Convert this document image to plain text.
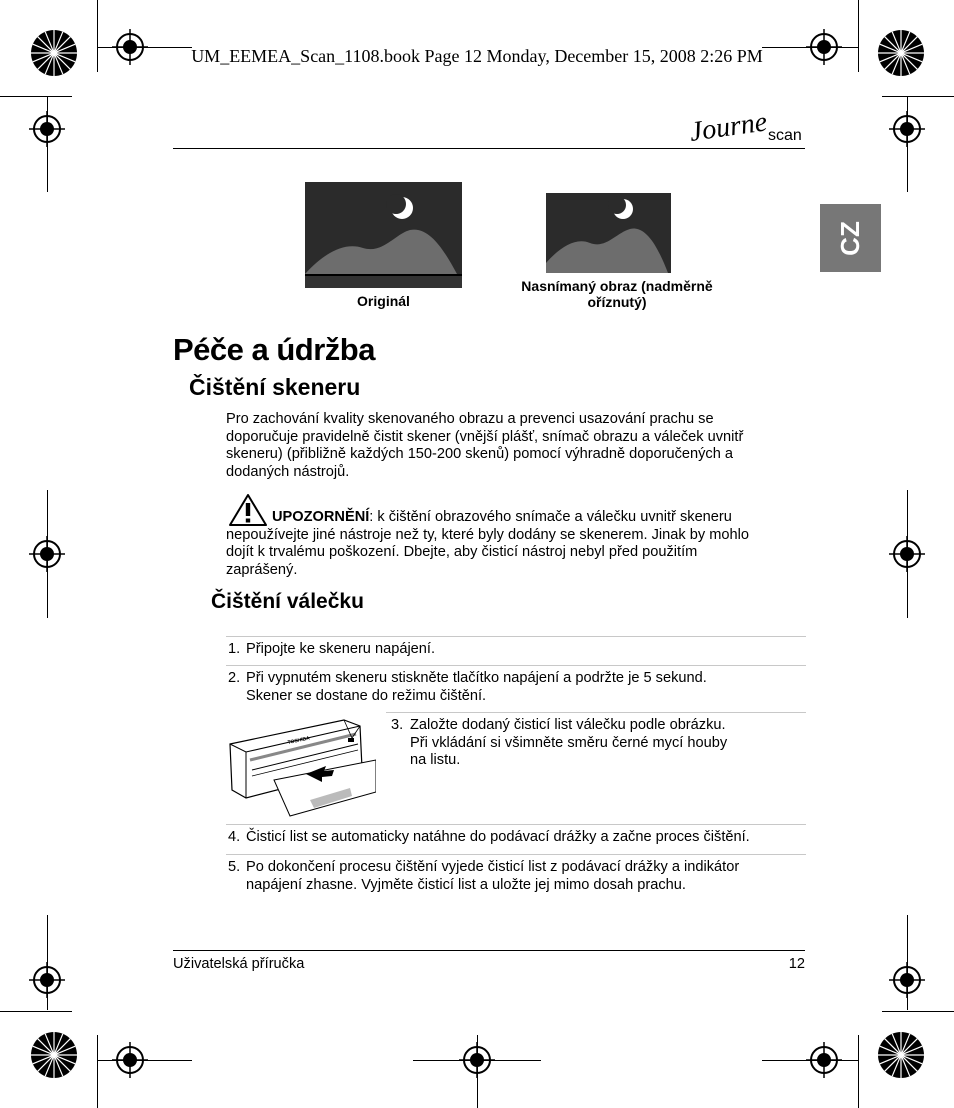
UM_EEMEA_Scan_1108.book Page 12 Monday, December 15, 2008 2:26 PM
Journe
scan
CZ
Originál
Nasnímaný obraz (nadměrně
oříznutý)
Péče a údržba
Čištění skeneru
Pro zachování kvality skenovaného obrazu a prevenci usazování prachu se
doporučuje pravidelně čistit skener (vnější plášť, snímač obrazu a váleček uvnitř
skeneru) (přibližně každých 150-200 skenů) pomocí výhradně doporučených a
dodaných nástrojů.
UPOZORNĚNÍ: k čištění obrazového snímače a válečku uvnitř skeneru
nepoužívejte jiné nástroje než ty, které byly dodány se skenerem. Jinak by mohlo
dojít k trvalému poškození. Dbejte, aby čisticí nástroj nebyl před použitím
zaprášený.
Čištění válečku
1. Připojte ke skeneru napájení.
2. Při vypnutém skeneru stiskněte tlačítko napájení a podržte je 5 sekund.
Skener se dostane do režimu čištění.
TOSHIBA
3. Založte dodaný čisticí list válečku podle obrázku.
Při vkládání si všimněte směru černé mycí houby
na listu.
4. Čisticí list se automaticky natáhne do podávací drážky a začne proces čištění.
5. Po dokončení procesu čištění vyjede čisticí list z podávací drážky a indikátor
napájení zhasne. Vyjměte čisticí list a uložte jej mimo dosah prachu.
Uživatelská příručka	12
